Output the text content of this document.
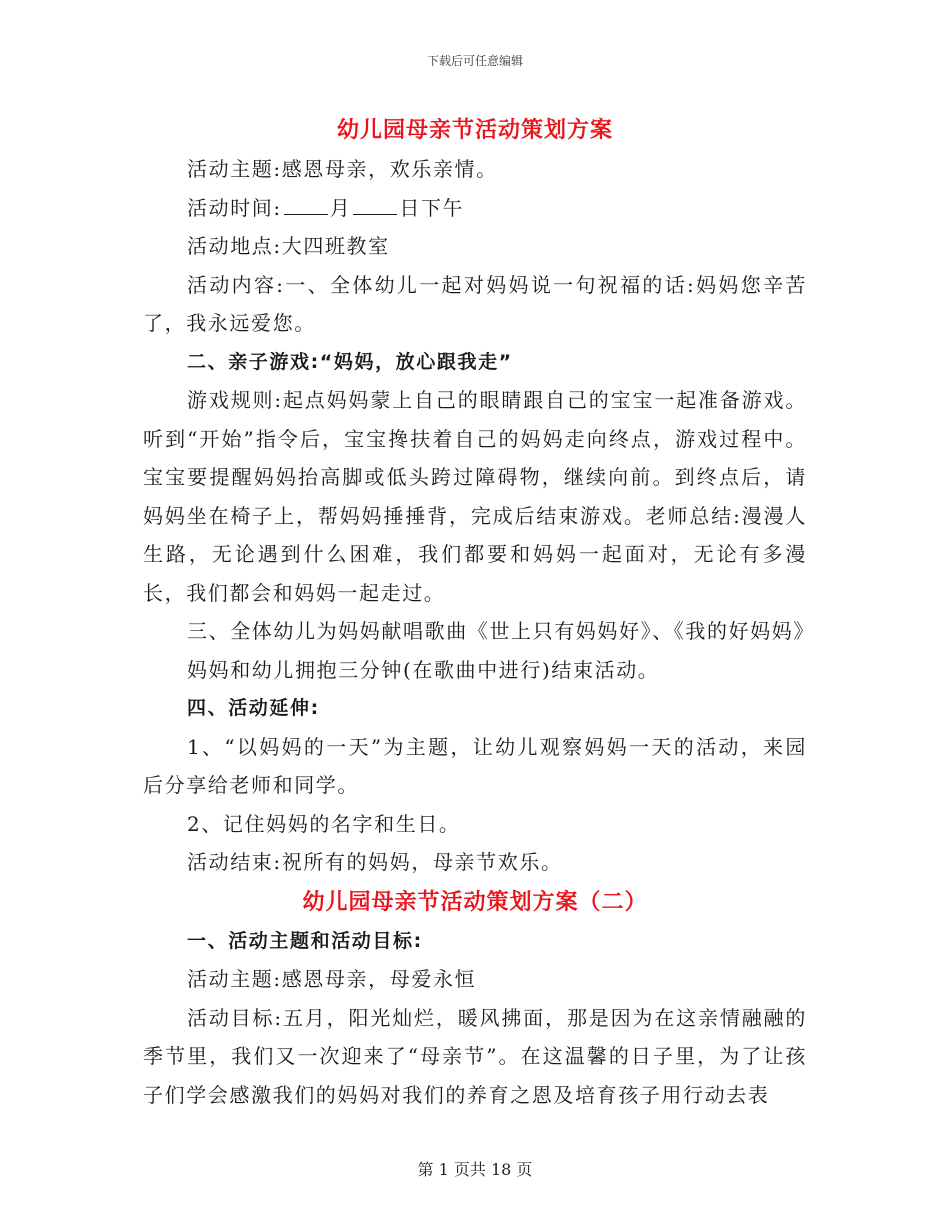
下载后可任意编辑
幼儿园母亲节活动策划方案

活动主题:感恩母亲，欢乐亲情。

活动时间: 月 日下午

活动地点:大四班教室

活动内容:一、全体幼儿一起对妈妈说一句祝福的话:妈妈您辛苦了，我永远爱您。

二、亲子游戏:“妈妈，放心跟我走”

游戏规则:起点妈妈蒙上自己的眼睛跟自己的宝宝一起准备游戏。听到“开始”指令后，宝宝搀扶着自己的妈妈走向终点，游戏过程中。宝宝要提醒妈妈抬高脚或低头跨过障碍物，继续向前。到终点后，请妈妈坐在椅子上，帮妈妈捶捶背，完成后结束游戏。老师总结:漫漫人生路，无论遇到什么困难，我们都要和妈妈一起面对，无论有多漫长，我们都会和妈妈一起走过。

三、全体幼儿为妈妈献唱歌曲《世上只有妈妈好》、《我的好妈妈》

妈妈和幼儿拥抱三分钟(在歌曲中进行)结束活动。

四、活动延伸:

1、“以妈妈的一天”为主题，让幼儿观察妈妈一天的活动，来园后分享给老师和同学。

2、记住妈妈的名字和生日。

活动结束:祝所有的妈妈，母亲节欢乐。

幼儿园母亲节活动策划方案（二）

一、活动主题和活动目标:

活动主题:感恩母亲，母爱永恒

活动目标:五月，阳光灿烂，暖风拂面，那是因为在这亲情融融的季节里，我们又一次迎来了“母亲节”。在这温馨的日子里，为了让孩子们学会感激我们的妈妈对我们的养育之恩及培育孩子用行动去表

第 1 页共 18 页
